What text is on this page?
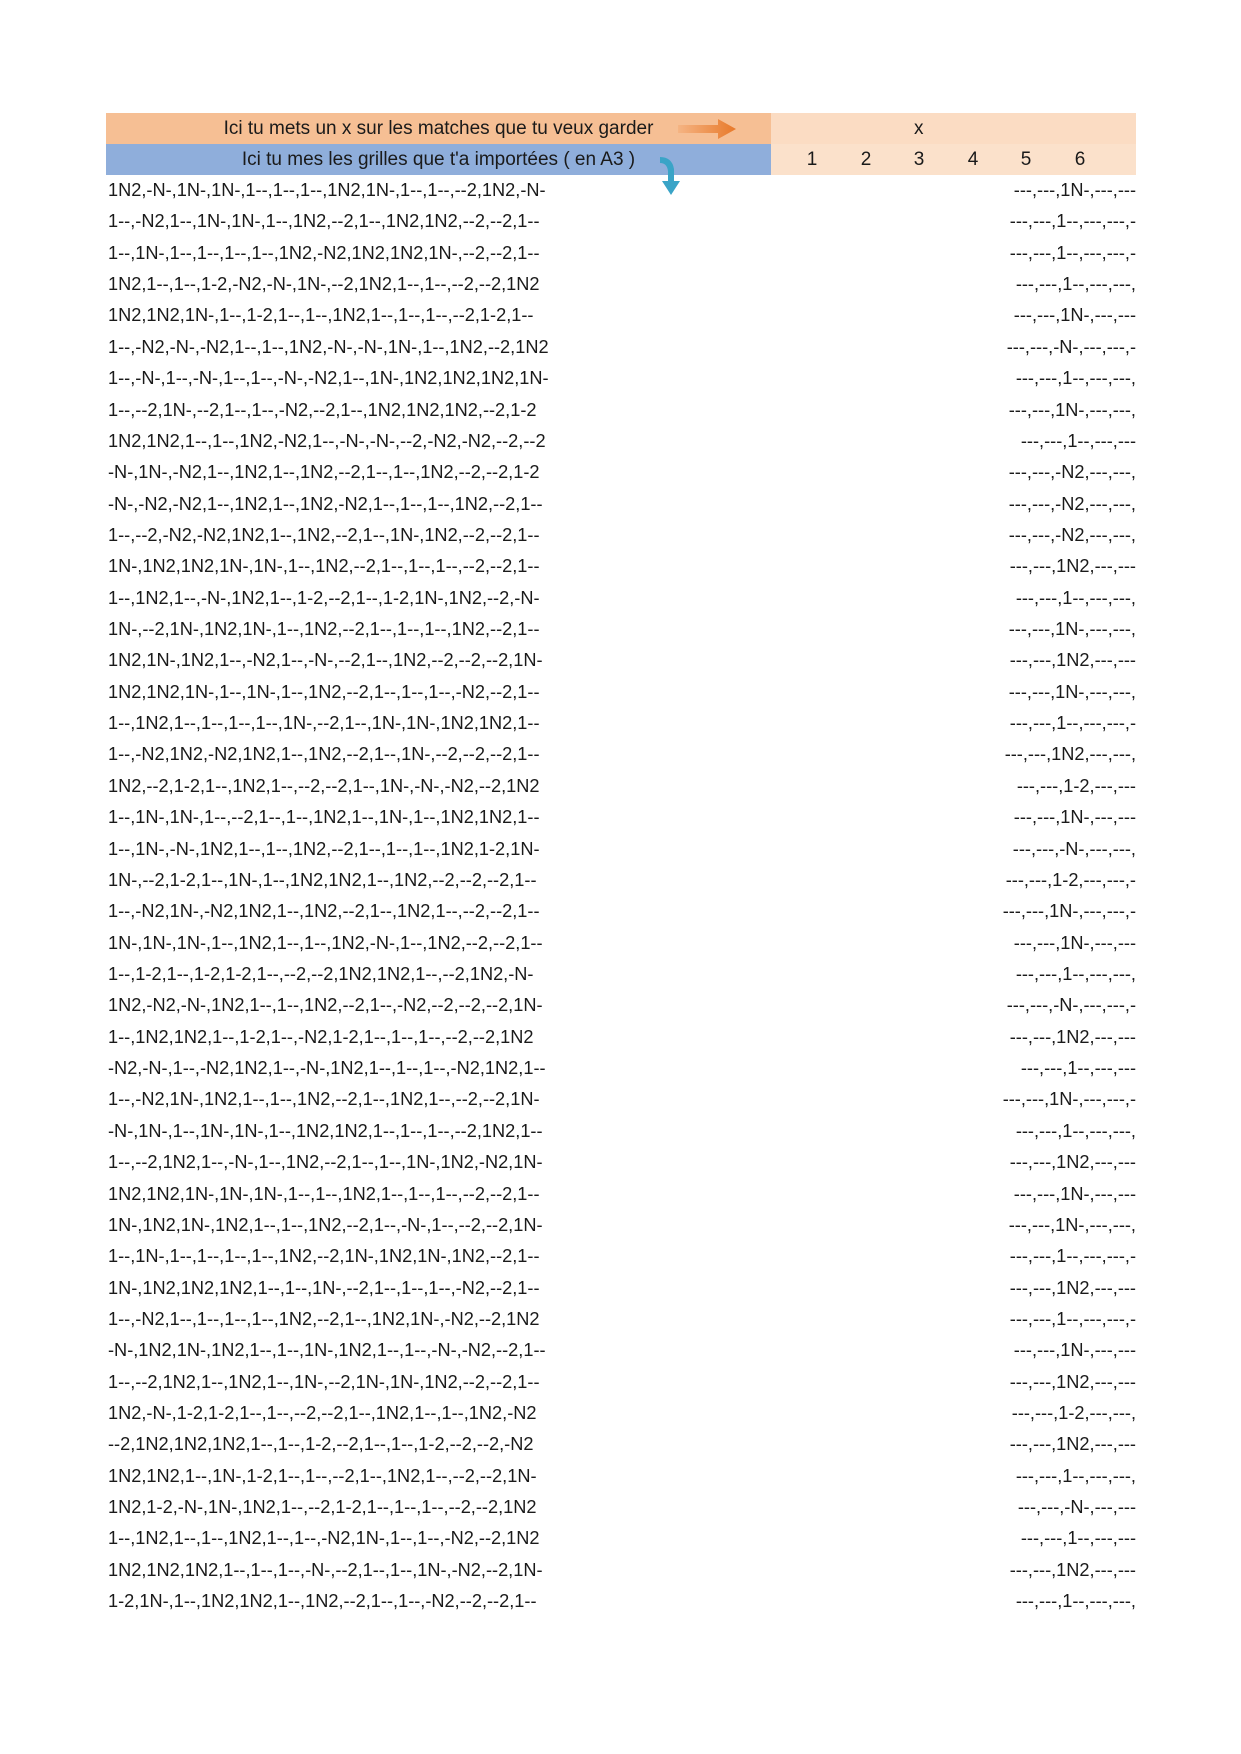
Ici tu mets un x sur les matches que tu veux garder	x
Ici tu mes les grilles que t'a importées ( en A3 )	1	2	3	4	5	6
1N2,-N-,1N-,1N-,1--,1--,1--,1N2,1N-,1--,1--,--2,1N2,-N-	---,---,1N-,---,---
1--,-N2,1--,1N-,1N-,1--,1N2,--2,1--,1N2,1N2,--2,--2,1--	---,---,1--,---,---,-
1--,1N-,1--,1--,1--,1--,1N2,-N2,1N2,1N2,1N-,--2,--2,1--	---,---,1--,---,---,-
1N2,1--,1--,1-2,-N2,-N-,1N-,--2,1N2,1--,1--,--2,--2,1N2	---,---,1--,---,---,
1N2,1N2,1N-,1--,1-2,1--,1--,1N2,1--,1--,1--,--2,1-2,1--	---,---,1N-,---,---
1--,-N2,-N-,-N2,1--,1--,1N2,-N-,-N-,1N-,1--,1N2,--2,1N2	---,---,-N-,---,---,-
1--,-N-,1--,-N-,1--,1--,-N-,-N2,1--,1N-,1N2,1N2,1N2,1N-	---,---,1--,---,---,
1--,--2,1N-,--2,1--,1--,-N2,--2,1--,1N2,1N2,1N2,--2,1-2	---,---,1N-,---,---,
1N2,1N2,1--,1--,1N2,-N2,1--,-N-,-N-,--2,-N2,-N2,--2,--2	---,---,1--,---,---
-N-,1N-,-N2,1--,1N2,1--,1N2,--2,1--,1--,1N2,--2,--2,1-2	---,---,-N2,---,---,
-N-,-N2,-N2,1--,1N2,1--,1N2,-N2,1--,1--,1--,1N2,--2,1--	---,---,-N2,---,---,
1--,--2,-N2,-N2,1N2,1--,1N2,--2,1--,1N-,1N2,--2,--2,1--	---,---,-N2,---,---,
1N-,1N2,1N2,1N-,1N-,1--,1N2,--2,1--,1--,1--,--2,--2,1--	---,---,1N2,---,---
1--,1N2,1--,-N-,1N2,1--,1-2,--2,1--,1-2,1N-,1N2,--2,-N-	---,---,1--,---,---,
1N-,--2,1N-,1N2,1N-,1--,1N2,--2,1--,1--,1--,1N2,--2,1--	---,---,1N-,---,---,
1N2,1N-,1N2,1--,-N2,1--,-N-,--2,1--,1N2,--2,--2,--2,1N-	---,---,1N2,---,---
1N2,1N2,1N-,1--,1N-,1--,1N2,--2,1--,1--,1--,-N2,--2,1--	---,---,1N-,---,---,
1--,1N2,1--,1--,1--,1--,1N-,--2,1--,1N-,1N-,1N2,1N2,1--	---,---,1--,---,---,-
1--,-N2,1N2,-N2,1N2,1--,1N2,--2,1--,1N-,--2,--2,--2,1--	---,---,1N2,---,---,
1N2,--2,1-2,1--,1N2,1--,--2,--2,1--,1N-,-N-,-N2,--2,1N2	---,---,1-2,---,---
1--,1N-,1N-,1--,--2,1--,1--,1N2,1--,1N-,1--,1N2,1N2,1--	---,---,1N-,---,---
1--,1N-,-N-,1N2,1--,1--,1N2,--2,1--,1--,1--,1N2,1-2,1N-	---,---,-N-,---,---,
1N-,--2,1-2,1--,1N-,1--,1N2,1N2,1--,1N2,--2,--2,--2,1--	---,---,1-2,---,---,-
1--,-N2,1N-,-N2,1N2,1--,1N2,--2,1--,1N2,1--,--2,--2,1--	---,---,1N-,---,---,-
1N-,1N-,1N-,1--,1N2,1--,1--,1N2,-N-,1--,1N2,--2,--2,1--	---,---,1N-,---,---
1--,1-2,1--,1-2,1-2,1--,--2,--2,1N2,1N2,1--,--2,1N2,-N-	---,---,1--,---,---,
1N2,-N2,-N-,1N2,1--,1--,1N2,--2,1--,-N2,--2,--2,--2,1N-	---,---,-N-,---,---,-
1--,1N2,1N2,1--,1-2,1--,-N2,1-2,1--,1--,1--,--2,--2,1N2	---,---,1N2,---,---
-N2,-N-,1--,-N2,1N2,1--,-N-,1N2,1--,1--,1--,-N2,1N2,1--	---,---,1--,---,---
1--,-N2,1N-,1N2,1--,1--,1N2,--2,1--,1N2,1--,--2,--2,1N-	---,---,1N-,---,---,-
-N-,1N-,1--,1N-,1N-,1--,1N2,1N2,1--,1--,1--,--2,1N2,1--	---,---,1--,---,---,
1--,--2,1N2,1--,-N-,1--,1N2,--2,1--,1--,1N-,1N2,-N2,1N-	---,---,1N2,---,---
1N2,1N2,1N-,1N-,1N-,1--,1--,1N2,1--,1--,1--,--2,--2,1--	---,---,1N-,---,---
1N-,1N2,1N-,1N2,1--,1--,1N2,--2,1--,-N-,1--,--2,--2,1N-	---,---,1N-,---,---,
1--,1N-,1--,1--,1--,1--,1N2,--2,1N-,1N2,1N-,1N2,--2,1--	---,---,1--,---,---,-
1N-,1N2,1N2,1N2,1--,1--,1N-,--2,1--,1--,1--,-N2,--2,1--	---,---,1N2,---,---
1--,-N2,1--,1--,1--,1--,1N2,--2,1--,1N2,1N-,-N2,--2,1N2	---,---,1--,---,---,-
-N-,1N2,1N-,1N2,1--,1--,1N-,1N2,1--,1--,-N-,-N2,--2,1--	---,---,1N-,---,---
1--,--2,1N2,1--,1N2,1--,1N-,--2,1N-,1N-,1N2,--2,--2,1--	---,---,1N2,---,---
1N2,-N-,1-2,1-2,1--,1--,--2,--2,1--,1N2,1--,1--,1N2,-N2	---,---,1-2,---,---,
--2,1N2,1N2,1N2,1--,1--,1-2,--2,1--,1--,1-2,--2,--2,-N2	---,---,1N2,---,---
1N2,1N2,1--,1N-,1-2,1--,1--,--2,1--,1N2,1--,--2,--2,1N-	---,---,1--,---,---,
1N2,1-2,-N-,1N-,1N2,1--,--2,1-2,1--,1--,1--,--2,--2,1N2	---,---,-N-,---,---
1--,1N2,1--,1--,1N2,1--,1--,-N2,1N-,1--,1--,-N2,--2,1N2	---,---,1--,---,---
1N2,1N2,1N2,1--,1--,1--,-N-,--2,1--,1--,1N-,-N2,--2,1N-	---,---,1N2,---,---
1-2,1N-,1--,1N2,1N2,1--,1N2,--2,1--,1--,-N2,--2,--2,1--	---,---,1--,---,---,
